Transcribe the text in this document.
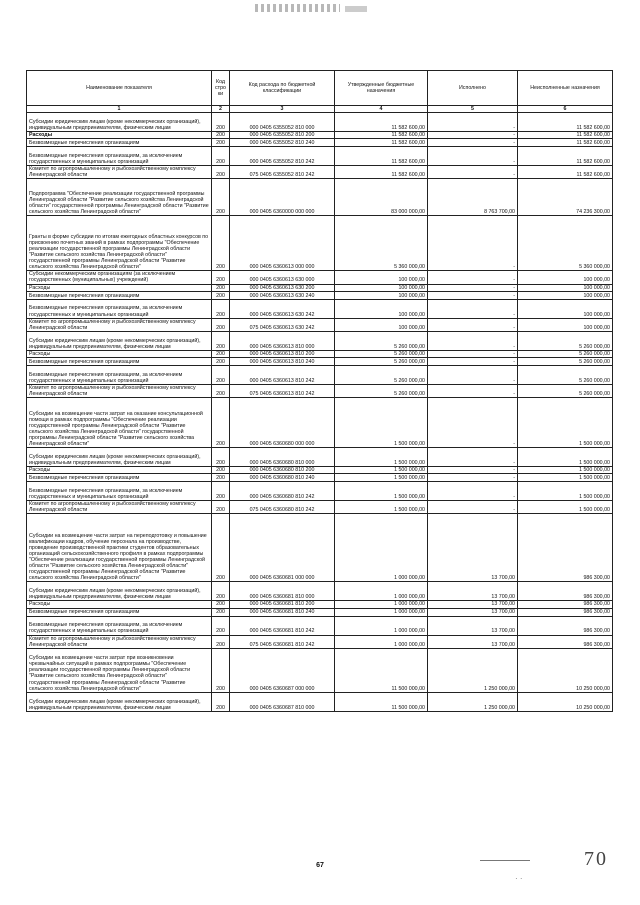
Наименование показателя	Код стро ки	Код расхода по бюджетной классификации	Утвержденные бюджетные назначения	Исполнено	Неисполненные назначения
1	2	3	4	5	6
Субсидии юридическим лицам (кроме некоммерческих организаций), индивидуальным предпринимателям, физическим лицам	200	000 0405 6355052 810 000	11 582 600,00	-	11 582 600,00
Расходы	200	000 0405 6355052 810 200	11 582 600,00	-	11 582 600,00
Безвозмездные перечисления организациям	200	000 0405 6355052 810 240	11 582 600,00	-	11 582 600,00
Безвозмездные перечисления организациям, за исключением государственных и муниципальных организаций	200	000 0405 6355052 810 242	11 582 600,00	-	11 582 600,00
Комитет по агропромышленному и рыбохозяйственному комплексу Ленинградской области	200	075 0405 6355052 810 242	11 582 600,00	-	11 582 600,00
Подпрограмма "Обеспечение реализации государственной программы Ленинградской области "Развитие сельского хозяйства Ленинградской области" государственной программы Ленинградской области "Развитие сельского хозяйства Ленинградской области"	200	000 0405 6360000 000 000	83 000 000,00	8 763 700,00	74 236 300,00
Гранты в форме субсидии по итогам ежегодных областных конкурсов по присвоению почетных званий в рамках подпрограммы "Обеспечение реализации государственной программы Ленинградской области "Развитие сельского хозяйства Ленинградской области" государственной программы Ленинградской области "Развитие сельского хозяйства Ленинградской области"	200	000 0405 6360613 000 000	5 360 000,00	-	5 360 000,00
Субсидии некоммерческим организациям (за исключением государственных (муниципальных) учреждений)	200	000 0405 6360613 630 000	100 000,00	-	100 000,00
Расходы	200	000 0405 6360613 630 200	100 000,00	-	100 000,00
Безвозмездные перечисления организациям	200	000 0405 6360613 630 240	100 000,00	-	100 000,00
Безвозмездные перечисления организациям, за исключением государственных и муниципальных организаций	200	000 0405 6360613 630 242	100 000,00	-	100 000,00
Комитет по агропромышленному и рыбохозяйственному комплексу Ленинградской области	200	075 0405 6360613 630 242	100 000,00	-	100 000,00
Субсидии юридическим лицам (кроме некоммерческих организаций), индивидуальным предпринимателям, физическим лицам	200	000 0405 6360613 810 000	5 260 000,00	-	5 260 000,00
Расходы	200	000 0405 6360613 810 200	5 260 000,00	-	5 260 000,00
Безвозмездные перечисления организациям	200	000 0405 6360613 810 240	5 260 000,00	-	5 260 000,00
Безвозмездные перечисления организациям, за исключением государственных и муниципальных организаций	200	000 0405 6360613 810 242	5 260 000,00	-	5 260 000,00
Комитет по агропромышленному и рыбохозяйственному комплексу Ленинградской области	200	075 0405 6360613 810 242	5 260 000,00	-	5 260 000,00
Субсидии на возмещение части затрат на оказание консультационной помощи в рамках подпрограммы "Обеспечение реализации государственной программы Ленинградской области "Развитие сельского хозяйства Ленинградской области" государственной программы Ленинградской области "Развитие сельского хозяйства Ленинградской области"	200	000 0405 6360680 000 000	1 500 000,00	-	1 500 000,00
Субсидии юридическим лицам (кроме некоммерческих организаций), индивидуальным предпринимателям, физическим лицам	200	000 0405 6360680 810 000	1 500 000,00	-	1 500 000,00
Расходы	200	000 0405 6360680 810 200	1 500 000,00	-	1 500 000,00
Безвозмездные перечисления организациям	200	000 0405 6360680 810 240	1 500 000,00	-	1 500 000,00
Безвозмездные перечисления организациям, за исключением государственных и муниципальных организаций	200	000 0405 6360680 810 242	1 500 000,00	-	1 500 000,00
Комитет по агропромышленному и рыбохозяйственному комплексу Ленинградской области	200	075 0405 6360680 810 242	1 500 000,00	-	1 500 000,00
Субсидии на возмещение части затрат на переподготовку и повышение квалификации кадров, обучение персонала на производстве, проведение производственной практики студентов образовательных организаций сельскохозяйственного профиля в рамках подпрограммы "Обеспечение реализации государственной программы Ленинградской области "Развитие сельского хозяйства Ленинградской области" государственной программы Ленинградской области "Развитие сельского хозяйства Ленинградской области"	200	000 0405 6360681 000 000	1 000 000,00	13 700,00	986 300,00
Субсидии юридическим лицам (кроме некоммерческих организаций), индивидуальным предпринимателям, физическим лицам	200	000 0405 6360681 810 000	1 000 000,00	13 700,00	986 300,00
Расходы	200	000 0405 6360681 810 200	1 000 000,00	13 700,00	986 300,00
Безвозмездные перечисления организациям	200	000 0405 6360681 810 240	1 000 000,00	13 700,00	986 300,00
Безвозмездные перечисления организациям, за исключением государственных и муниципальных организаций	200	000 0405 6360681 810 242	1 000 000,00	13 700,00	986 300,00
Комитет по агропромышленному и рыбохозяйственному комплексу Ленинградской области	200	075 0405 6360681 810 242	1 000 000,00	13 700,00	986 300,00
Субсидии на возмещение части затрат при возникновении чрезвычайных ситуаций в рамках подпрограммы "Обеспечение реализации государственной программы Ленинградской области "Развитие сельского хозяйства Ленинградской области" государственной программы Ленинградской области "Развитие сельского хозяйства Ленинградской области"	200	000 0405 6360687 000 000	11 500 000,00	1 250 000,00	10 250 000,00
Субсидии юридическим лицам (кроме некоммерческих организаций), индивидуальным предпринимателям, физическим лицам	200	000 0405 6360687 810 000	11 500 000,00	1 250 000,00	10 250 000,00
67
· ·
70
